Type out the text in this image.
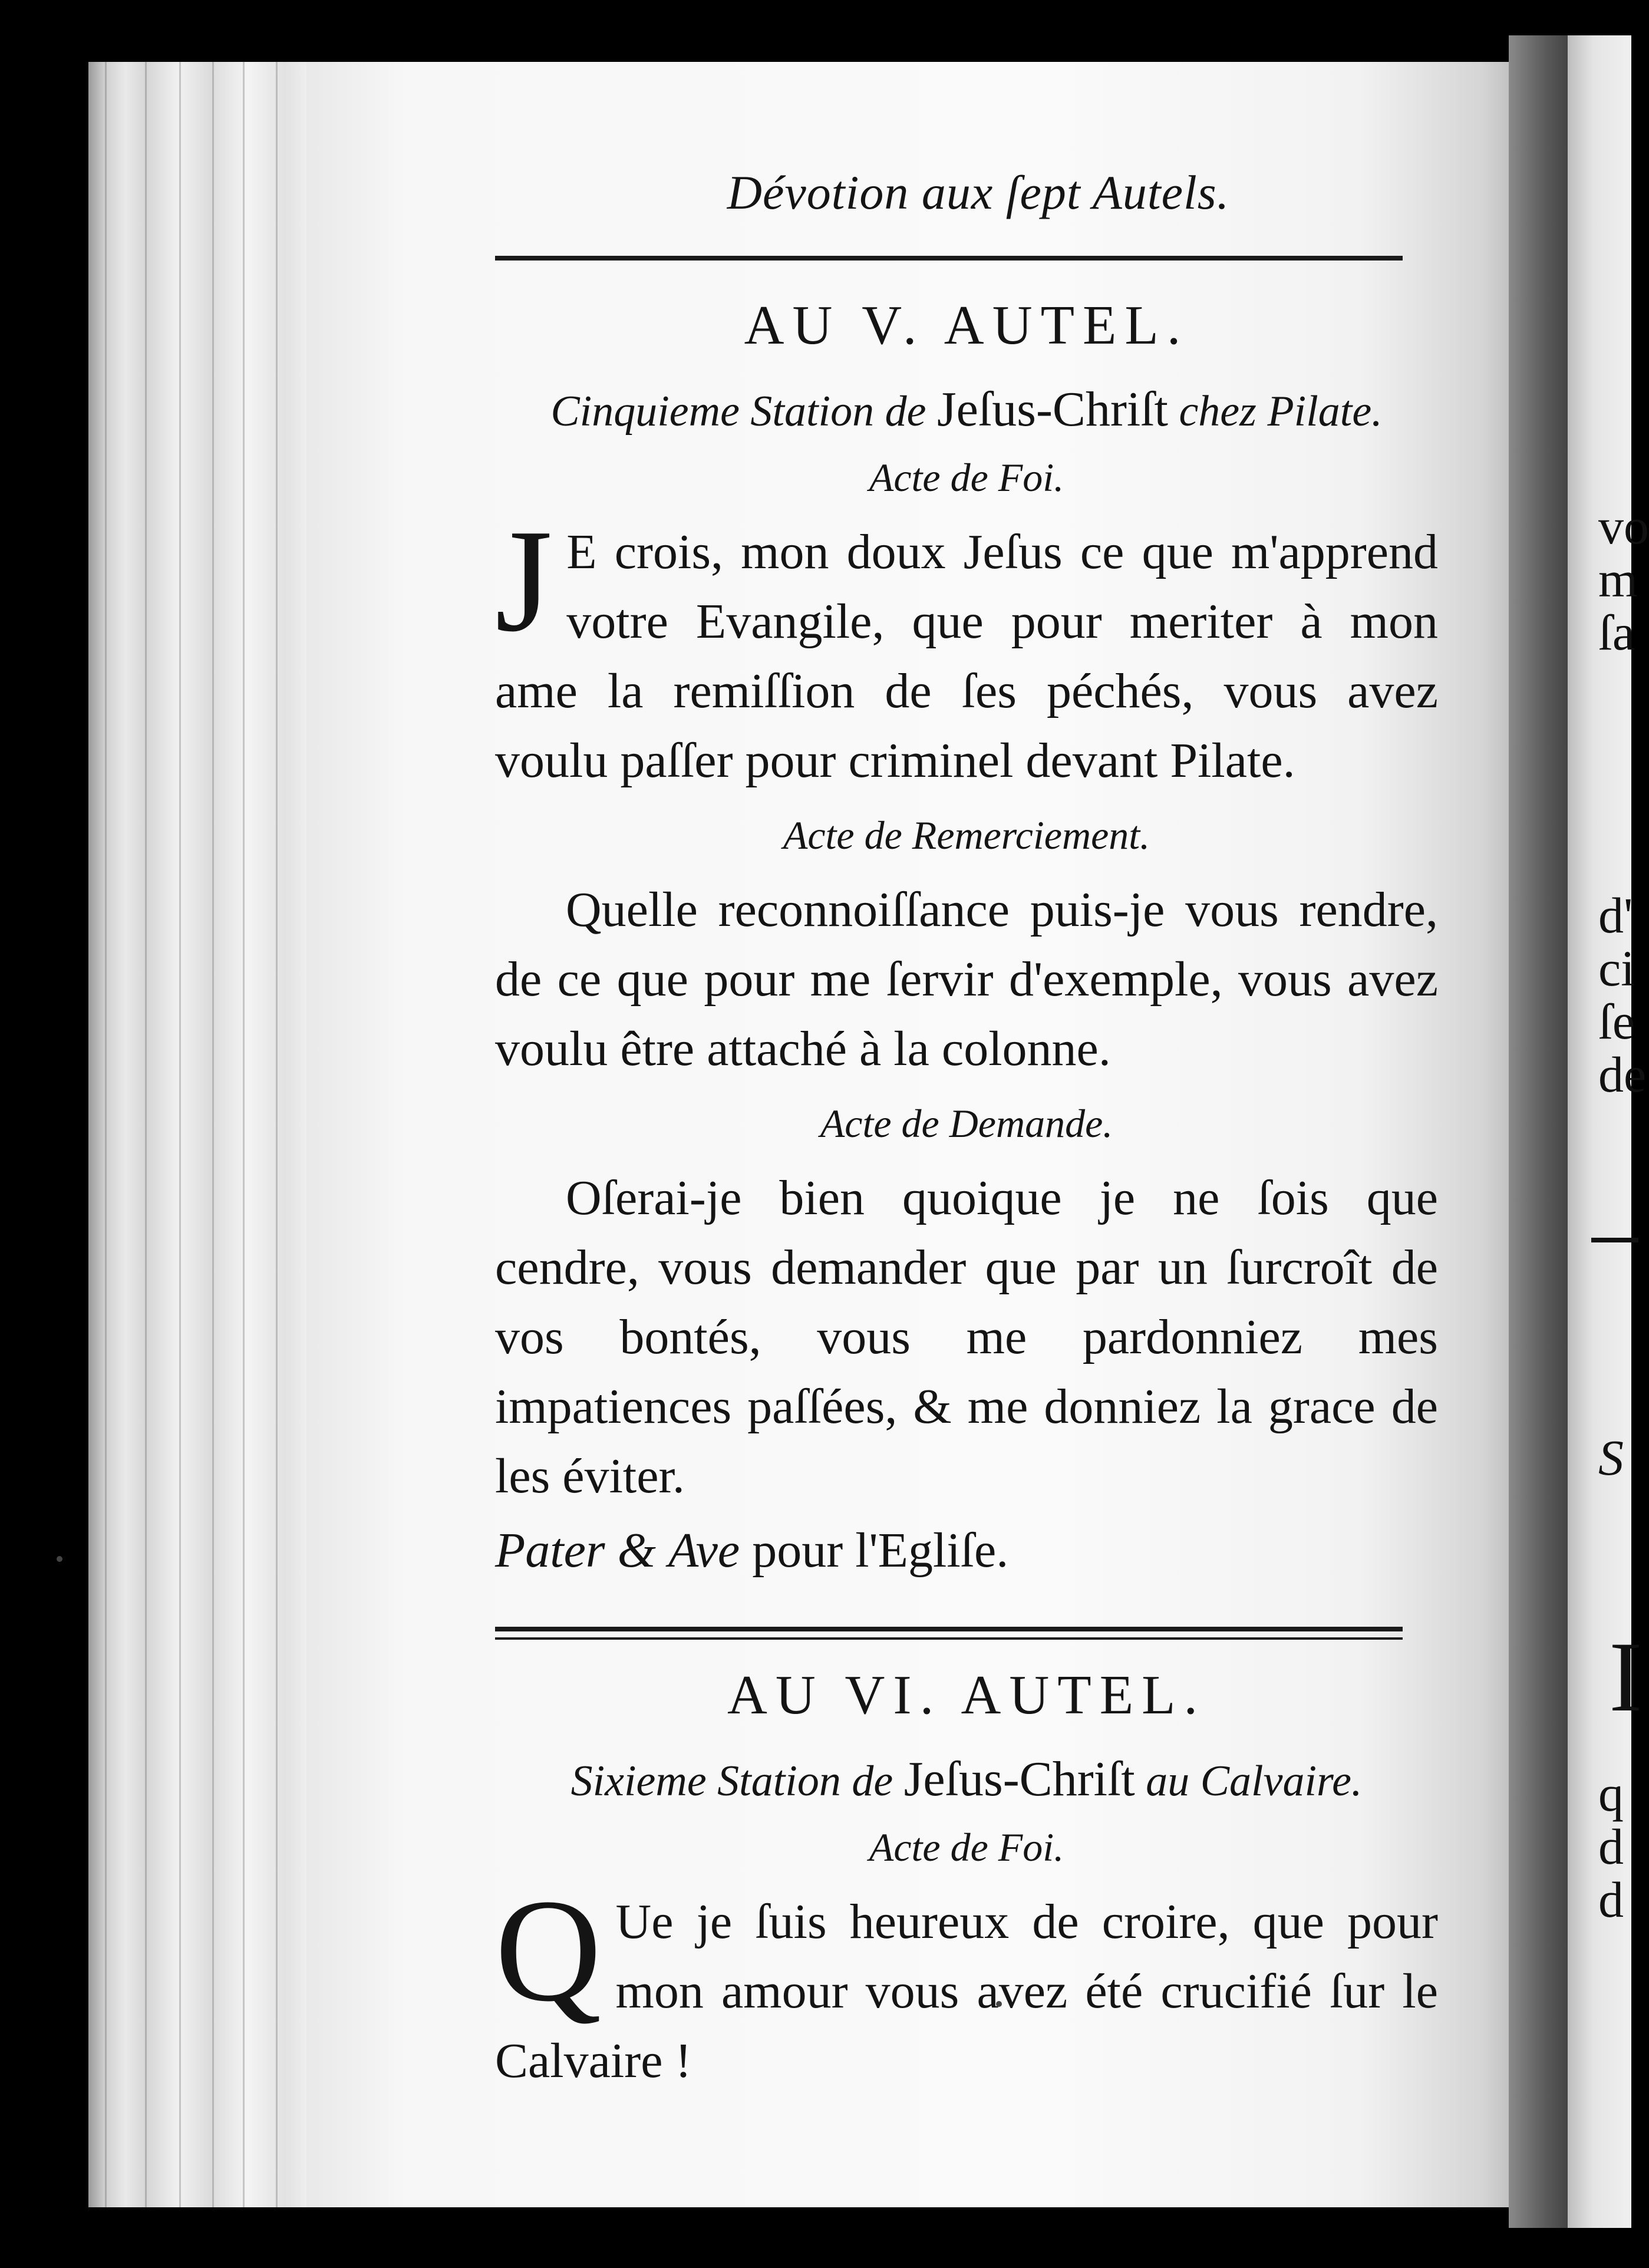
vo
m
ſa
d'
ci
ſe
de
S
I
q
d
d
Dévotion aux ſept Autels.
AU V. AUTEL.
Cinquieme Station de Jeſus-Chriſt chez Pilate.
Acte de Foi.
J E crois, mon doux Jeſus ce que m'apprend votre Evangile, que pour meriter à mon ame la remiſſion de ſes péchés, vous avez voulu paſſer pour criminel devant Pilate.
Acte de Remerciement.
Quelle reconnoiſſance puis-je vous rendre, de ce que pour me ſervir d'exemple, vous avez voulu être attaché à la colonne.
Acte de Demande.
Oſerai-je bien quoique je ne ſois que cendre, vous demander que par un ſurcroît de vos bontés, vous me pardonniez mes impatiences paſſées, & me donniez la grace de les éviter.
Pater & Ave pour l'Egliſe.
AU VI. AUTEL.
Sixieme Station de Jeſus-Chriſt au Calvaire.
Acte de Foi.
Q Ue je ſuis heureux de croire, que pour mon amour vous avez été crucifié ſur le Calvaire !
